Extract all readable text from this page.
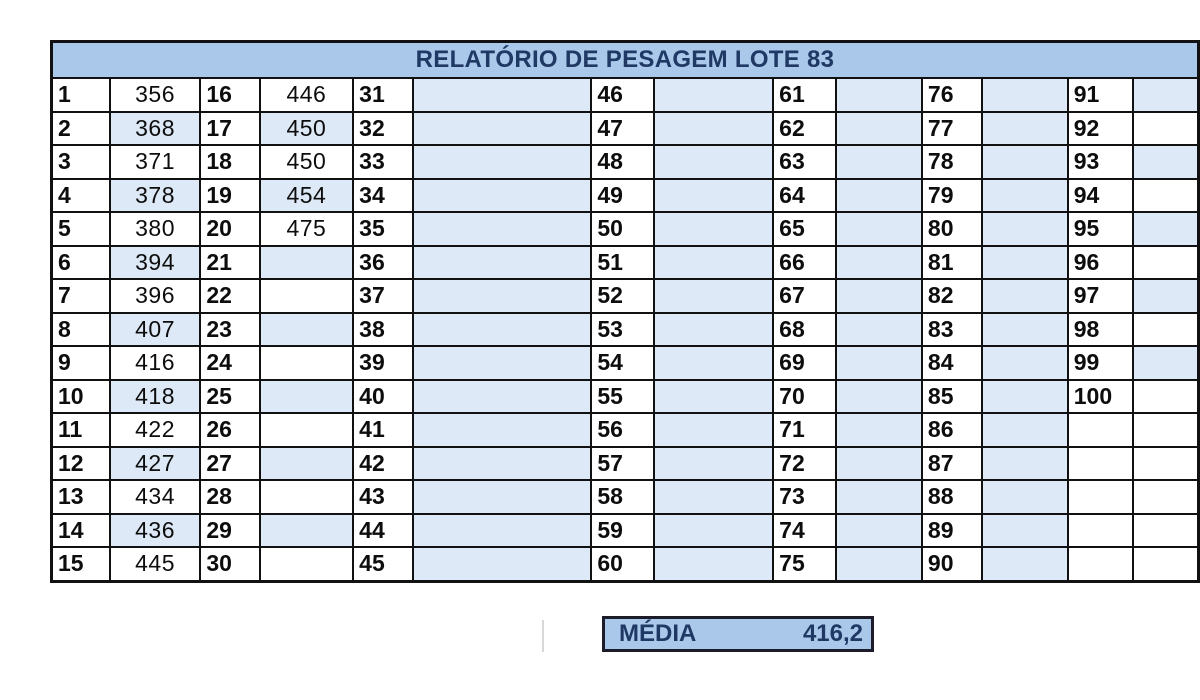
RELATÓRIO DE PESAGEM LOTE 83													
1	356	16	446	31		46		61		76		91	
2	368	17	450	32		47		62		77		92	
3	371	18	450	33		48		63		78		93	
4	378	19	454	34		49		64		79		94	
5	380	20	475	35		50		65		80		95	
6	394	21		36		51		66		81		96	
7	396	22		37		52		67		82		97	
8	407	23		38		53		68		83		98	
9	416	24		39		54		69		84		99	
10	418	25		40		55		70		85		100	
11	422	26		41		56		71		86			
12	427	27		42		57		72		87			
13	434	28		43		58		73		88			
14	436	29		44		59		74		89			
15	445	30		45		60		75		90			
MÉDIA	416,2
